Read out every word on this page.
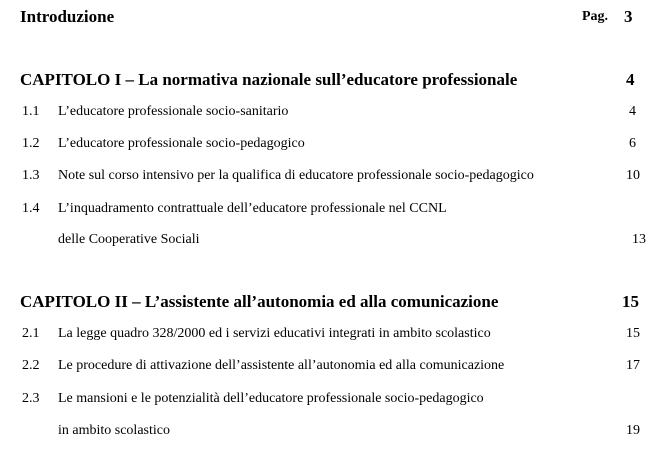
Introduzione	Pag. 3
CAPITOLO I – La normativa nazionale sull’educatore professionale	4
1.1 L’educatore professionale socio-sanitario	4
1.2 L’educatore professionale socio-pedagogico	6
1.3 Note sul corso intensivo per la qualifica di educatore professionale socio-pedagogico	10
1.4 L’inquadramento contrattuale dell’educatore professionale nel CCNL
delle Cooperative Sociali	13
CAPITOLO II – L’assistente all’autonomia ed alla comunicazione	15
2.1 La legge quadro 328/2000 ed i servizi educativi integrati in ambito scolastico	15
2.2 Le procedure di attivazione dell’assistente all’autonomia ed alla comunicazione	17
2.3 Le mansioni e le potenzialità dell’educatore professionale socio-pedagogico
in ambito scolastico	19
